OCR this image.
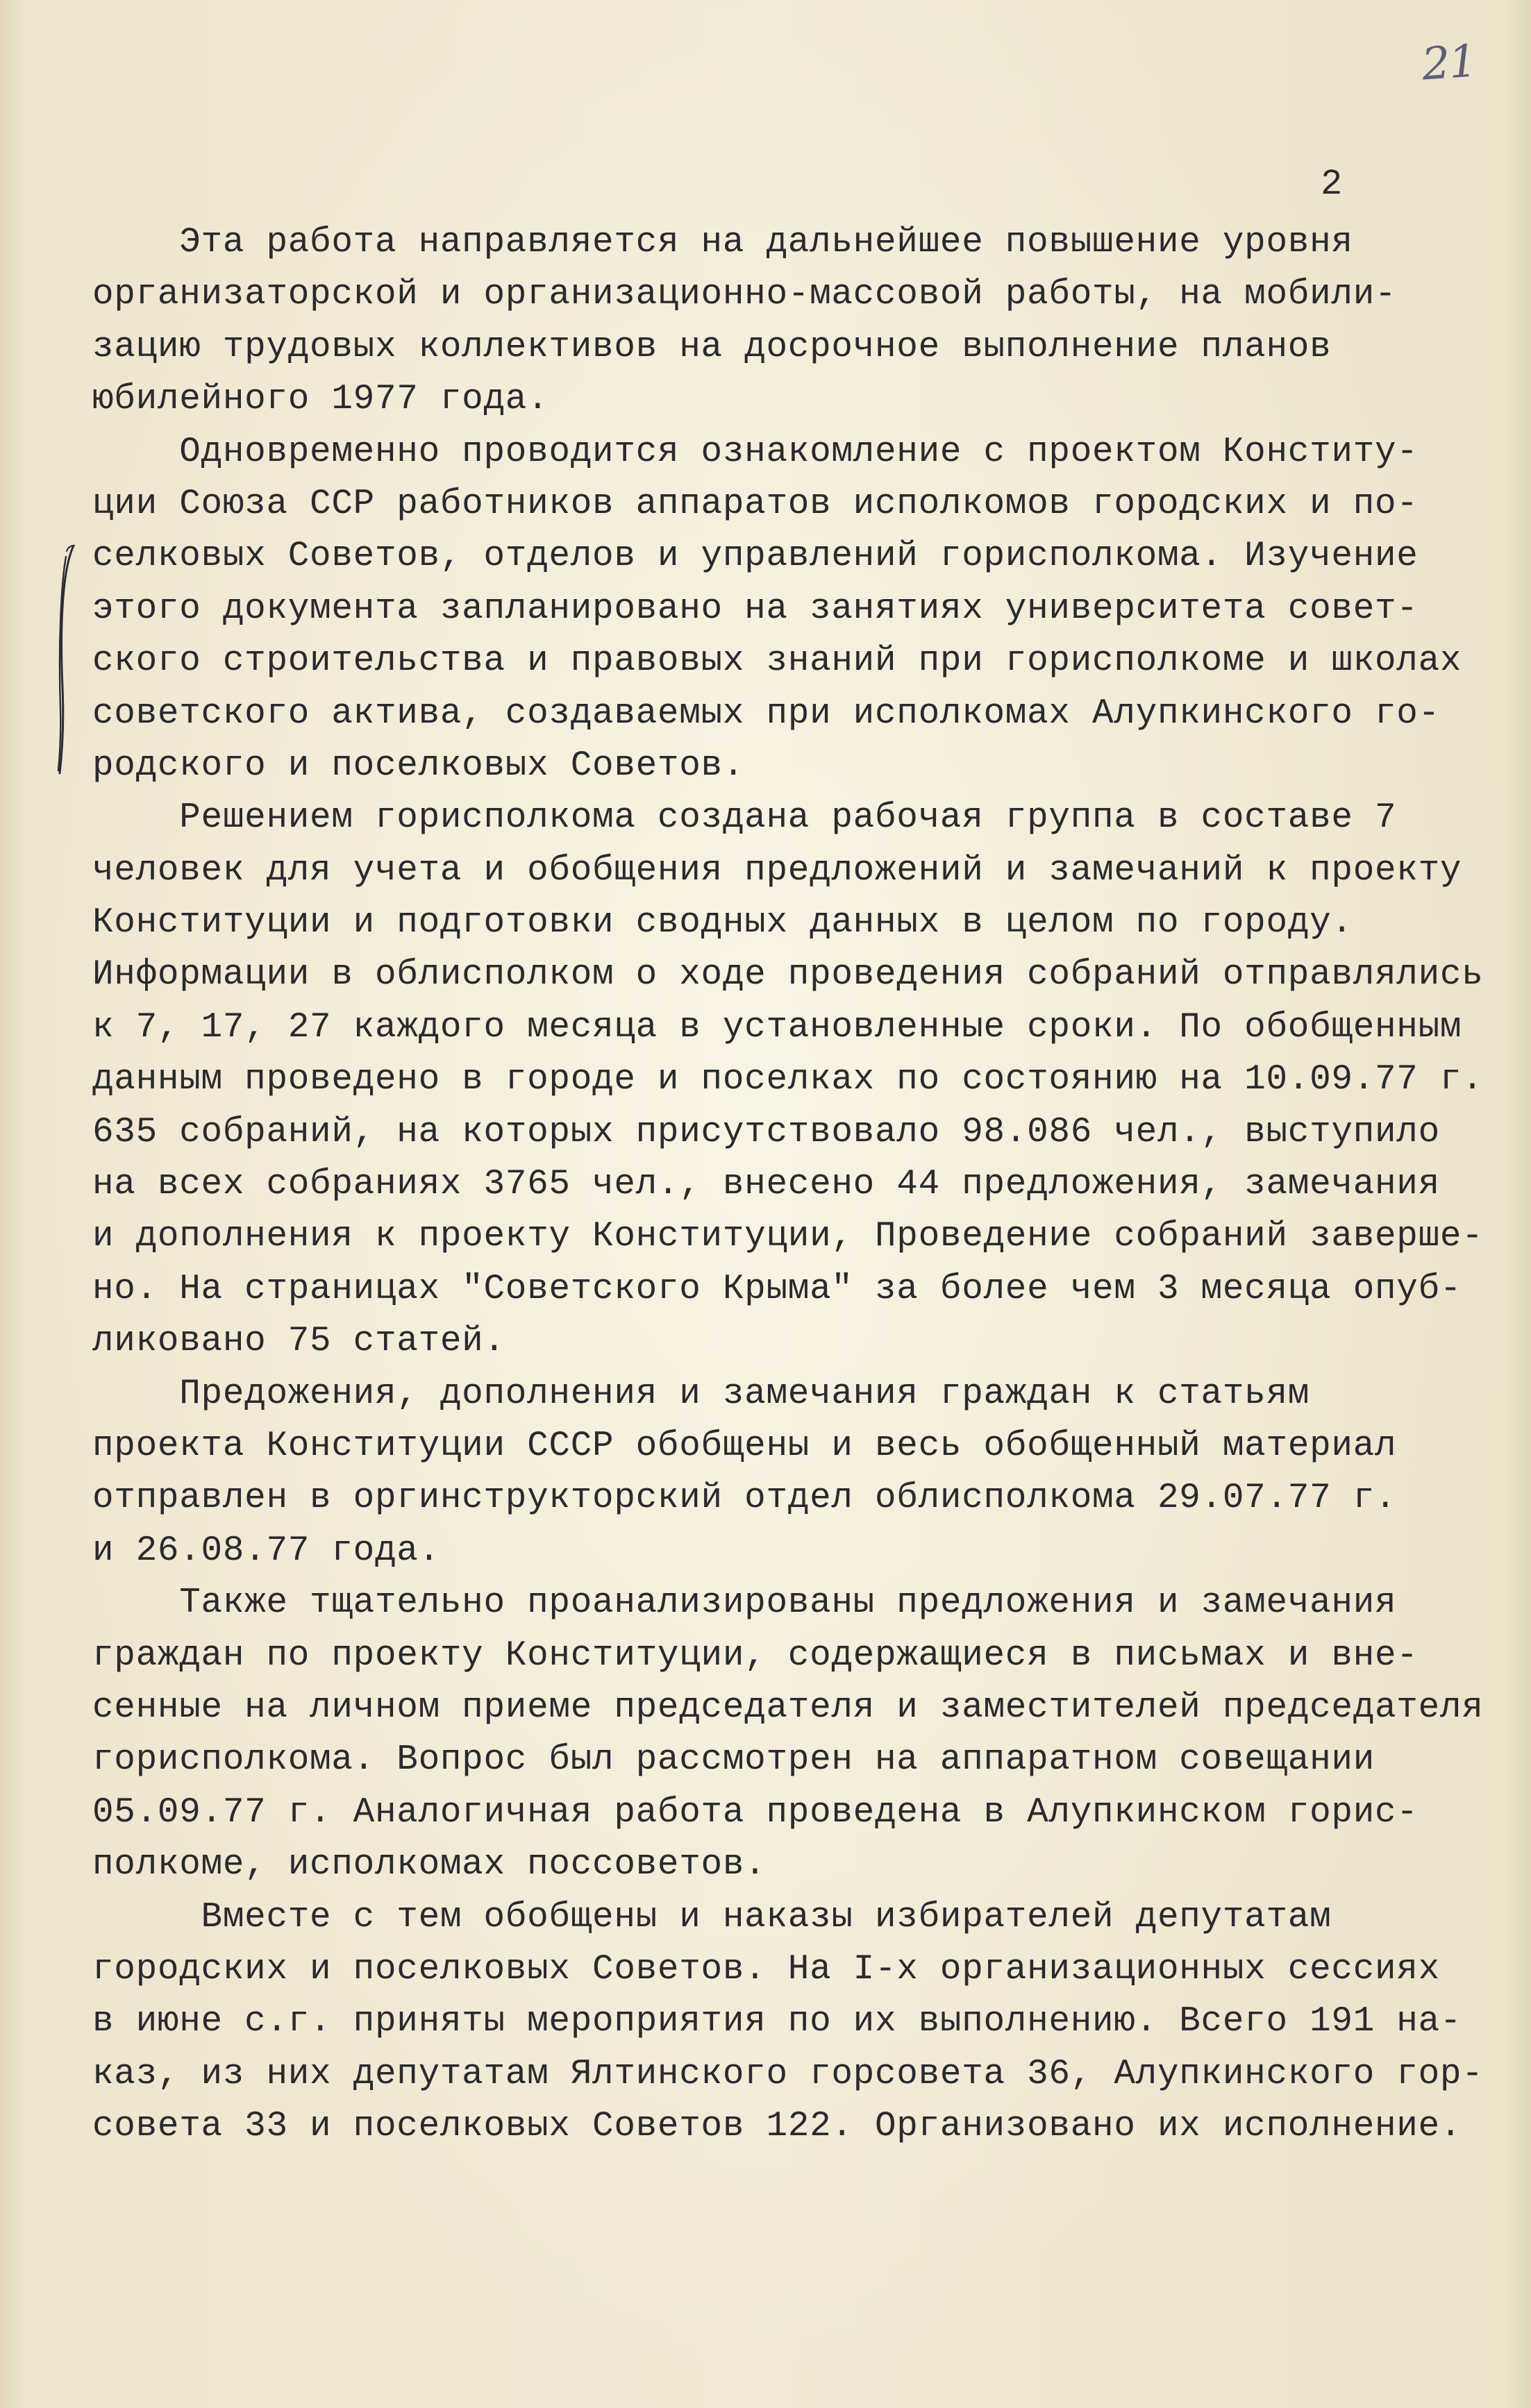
21
2
Эта работа направляется на дальнейшее повышение уровня
организаторской и организационно-массовой работы, на мобили-
зацию трудовых коллективов на досрочное выполнение планов
юбилейного 1977 года.
Одновременно проводится ознакомление с проектом Конститу-
ции Союза ССР работников аппаратов исполкомов городских и по-
селковых Советов, отделов и управлений горисполкома. Изучение
этого документа запланировано на занятиях университета совет-
ского строительства и правовых знаний при горисполкоме и школах
советского актива, создаваемых при исполкомах Алупкинского го-
родского и поселковых Советов.
Решением горисполкома создана рабочая группа в составе 7
человек для учета и обобщения предложений и замечаний к проекту
Конституции и подготовки сводных данных в целом по городу.
Информации в облисполком о ходе проведения собраний отправлялись
к 7, 17, 27 каждого месяца в установленные сроки. По обобщенным
данным проведено в городе и поселках по состоянию на 10.09.77 г.
635 собраний, на которых присутствовало 98.086 чел., выступило
на всех собраниях 3765 чел., внесено 44 предложения, замечания
и дополнения к проекту Конституции, Проведение собраний заверше-
но. На страницах "Советского Крыма" за более чем 3 месяца опуб-
ликовано 75 статей.
Предожения, дополнения и замечания граждан к статьям
проекта Конституции СССР обобщены и весь обобщенный материал
отправлен в оргинструкторский отдел облисполкома 29.07.77 г.
и 26.08.77 года.
Также тщательно проанализированы предложения и замечания
граждан по проекту Конституции, содержащиеся в письмах и вне-
сенные на личном приеме председателя и заместителей председателя
горисполкома. Вопрос был рассмотрен на аппаратном совещании
05.09.77 г. Аналогичная работа проведена в Алупкинском горис-
полкоме, исполкомах поссоветов.
Вместе с тем обобщены и наказы избирателей депутатам
городских и поселковых Советов. На I-х организационных сессиях
в июне с.г. приняты мероприятия по их выполнению. Всего 191 на-
каз, из них депутатам Ялтинского горсовета 36, Алупкинского гор-
совета 33 и поселковых Советов 122. Организовано их исполнение.
